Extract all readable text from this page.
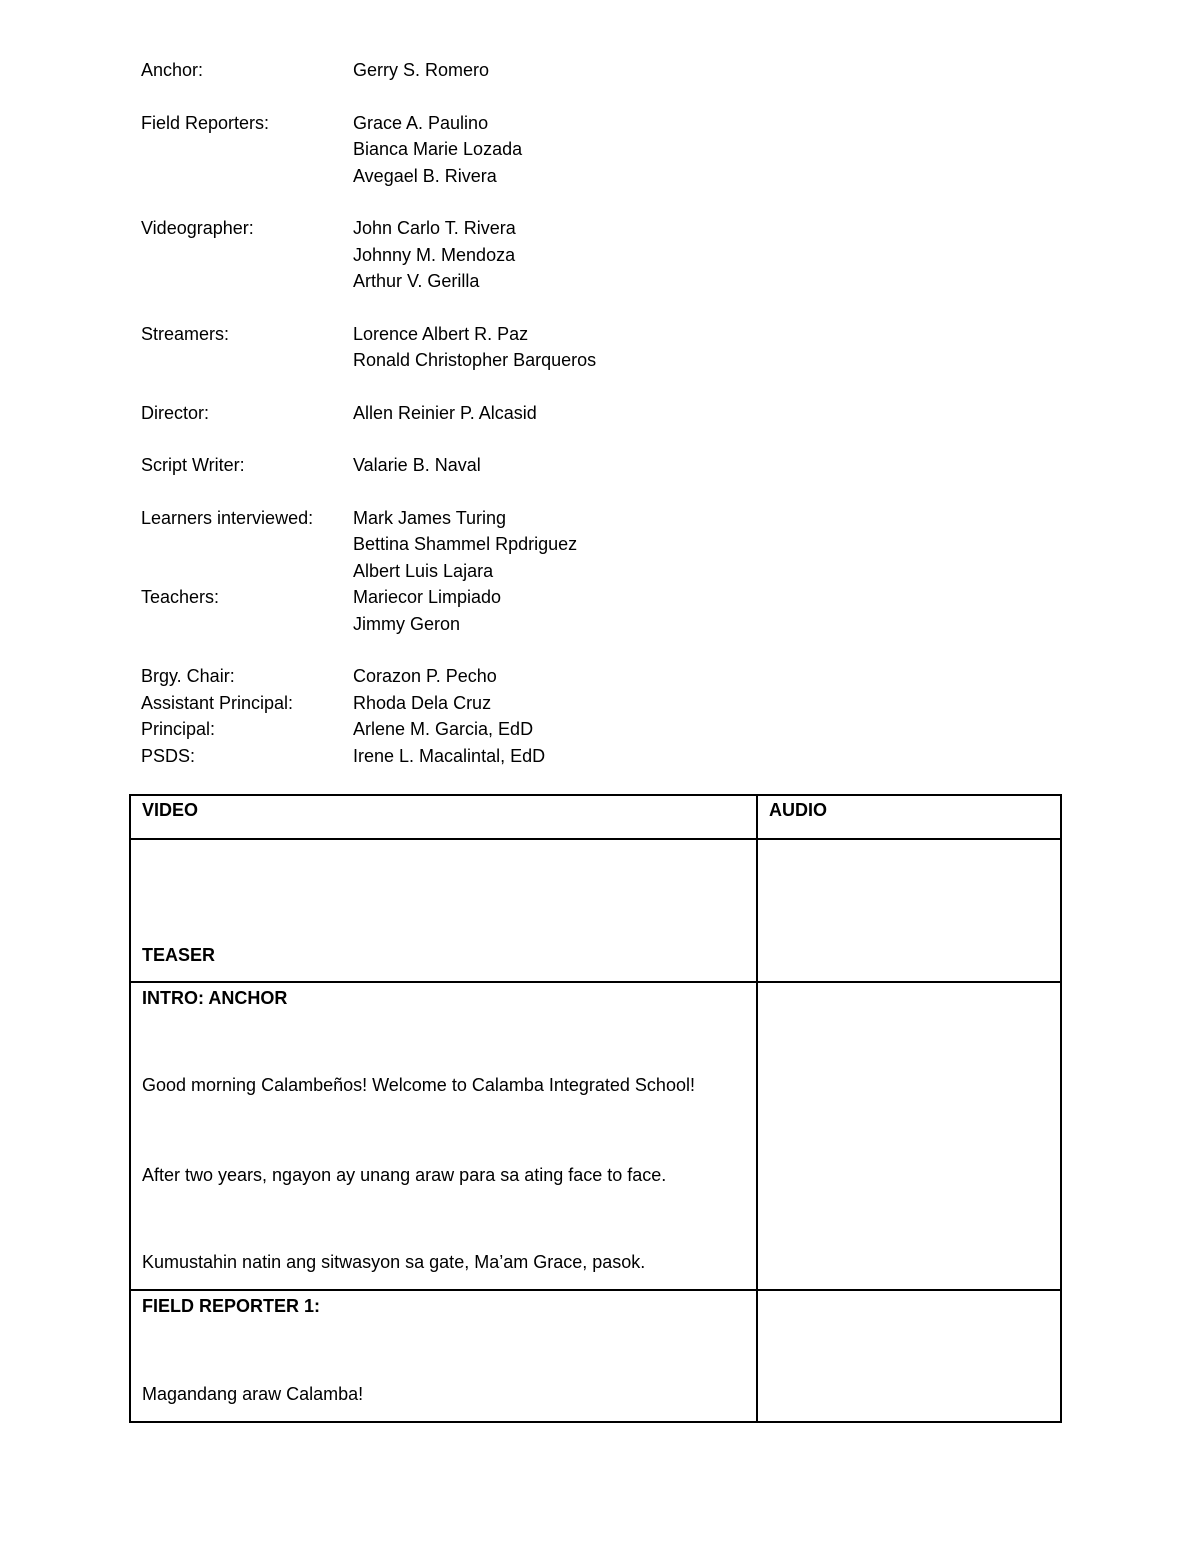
Anchor:	Gerry S. Romero
Field Reporters:	Grace A. Paulino
Bianca Marie Lozada
Avegael B. Rivera
Videographer:	John Carlo T. Rivera
Johnny M. Mendoza
Arthur V. Gerilla
Streamers:	Lorence Albert R. Paz
Ronald Christopher Barqueros
Director:	Allen Reinier P. Alcasid
Script Writer:	Valarie B. Naval
Learners interviewed:	Mark James Turing
Bettina Shammel Rpdriguez
Albert Luis Lajara
Teachers:	Mariecor Limpiado
Jimmy Geron
Brgy. Chair:	Corazon P. Pecho
Assistant Principal:	Rhoda Dela Cruz
Principal:	Arlene M. Garcia, EdD
PSDS:	Irene L. Macalintal, EdD
VIDEO	AUDIO
TEASER	

INTRO: ANCHOR
Good morning Calambeños! Welcome to Calamba Integrated School!
After two years, ngayon ay unang araw para sa ating face to face.
Kumustahin natin ang sitwasyon sa gate, Ma’am Grace, pasok.	

FIELD REPORTER 1:
Magandang araw Calamba!	
